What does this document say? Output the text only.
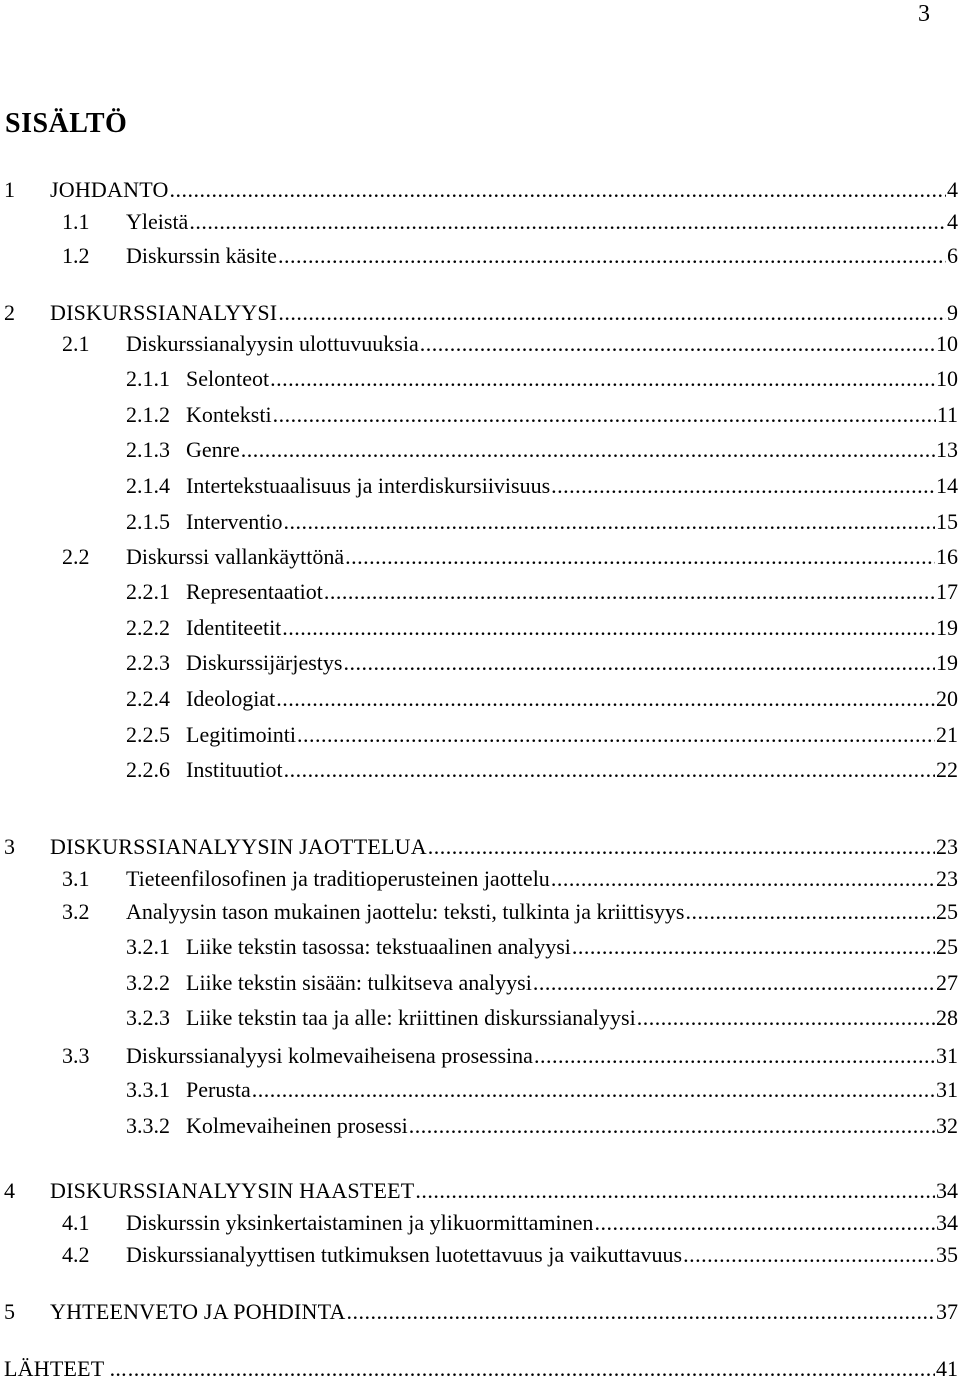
3
SISÄLTÖ
1 JOHDANTO .....	4
1.1 Yleistä .....	4
1.2 Diskurssin käsite .....	6
2 DISKURSSIANALYYSI .....	9
2.1 Diskurssianalyysin ulottuvuuksia .....	10
2.1.1 Selonteot .....	10
2.1.2 Konteksti .....	11
2.1.3 Genre .....	13
2.1.4 Intertekstuaalisuus ja interdiskursiivisuus .....	14
2.1.5 Interventio .....	15
2.2 Diskurssi vallankäyttönä .....	16
2.2.1 Representaatiot .....	17
2.2.2 Identiteetit .....	19
2.2.3 Diskurssijärjestys .....	19
2.2.4 Ideologiat .....	20
2.2.5 Legitimointi .....	21
2.2.6 Instituutiot .....	22
3 DISKURSSIANALYYSIN JAOTTELUA .....	23
3.1 Tieteenfilosofinen ja traditioperusteinen jaottelu .....	23
3.2 Analyysin tason mukainen jaottelu: teksti, tulkinta ja kriittisyys .....	25
3.2.1 Liike tekstin tasossa: tekstuaalinen analyysi .....	25
3.2.2 Liike tekstin sisään: tulkitseva analyysi .....	27
3.2.3 Liike tekstin taa ja alle: kriittinen diskurssianalyysi .....	28
3.3 Diskurssianalyysi kolmevaiheisena prosessina .....	31
3.3.1 Perusta .....	31
3.3.2 Kolmevaiheinen prosessi .....	32
4 DISKURSSIANALYYSIN HAASTEET .....	34
4.1 Diskurssin yksinkertaistaminen ja ylikuormittaminen .....	34
4.2 Diskurssianalyyttisen tutkimuksen luotettavuus ja vaikuttavuus .....	35
5 YHTEENVETO JA POHDINTA .....	37
LÄHTEET ... .....	41
